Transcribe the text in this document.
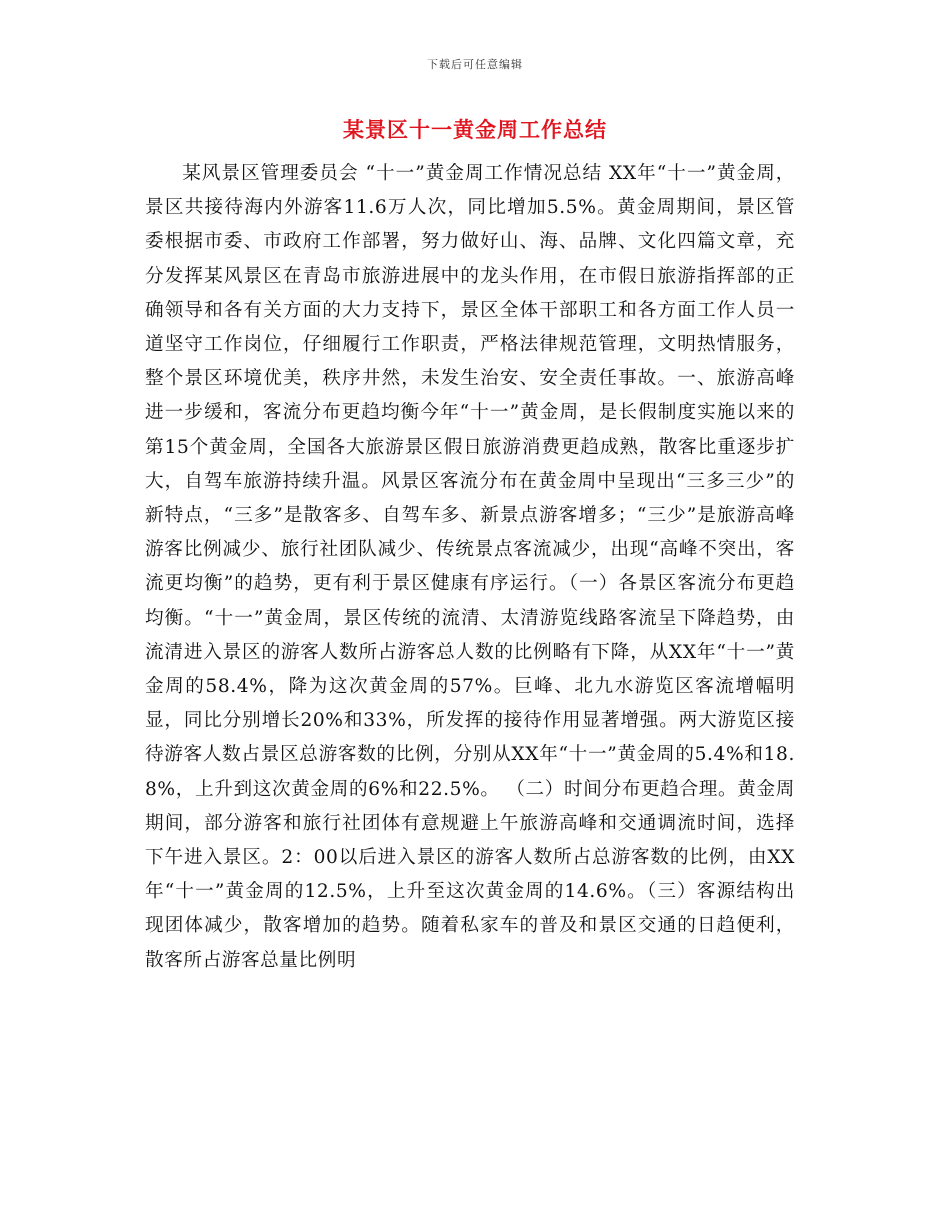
下载后可任意编辑
某景区十一黄金周工作总结

某风景区管理委员会 “十一”黄金周工作情况总结 XX年“十一”黄金周，景区共接待海内外游客11.6万人次，同比增加5.5%。黄金周期间，景区管委根据市委、市政府工作部署，努力做好山、海、品牌、文化四篇文章，充分发挥某风景区在青岛市旅游进展中的龙头作用，在市假日旅游指挥部的正确领导和各有关方面的大力支持下，景区全体干部职工和各方面工作人员一道坚守工作岗位，仔细履行工作职责，严格法律规范管理，文明热情服务，整个景区环境优美，秩序井然，未发生治安、安全责任事故。一、旅游高峰进一步缓和，客流分布更趋均衡今年“十一”黄金周，是长假制度实施以来的第15个黄金周，全国各大旅游景区假日旅游消费更趋成熟，散客比重逐步扩大，自驾车旅游持续升温。风景区客流分布在黄金周中呈现出“三多三少”的新特点，“三多”是散客多、自驾车多、新景点游客增多；“三少”是旅游高峰游客比例减少、旅行社团队减少、传统景点客流减少，出现“高峰不突出，客流更均衡”的趋势，更有利于景区健康有序运行。（一）各景区客流分布更趋均衡。“十一”黄金周，景区传统的流清、太清游览线路客流呈下降趋势，由流清进入景区的游客人数所占游客总人数的比例略有下降，从XX年“十一”黄金周的58.4%，降为这次黄金周的57%。巨峰、北九水游览区客流增幅明显，同比分别增长20%和33%，所发挥的接待作用显著增强。两大游览区接待游客人数占景区总游客数的比例，分别从XX年“十一”黄金周的5.4%和18.8%，上升到这次黄金周的6%和22.5%。 （二）时间分布更趋合理。黄金周期间，部分游客和旅行社团体有意规避上午旅游高峰和交通调流时间，选择下午进入景区。2：00以后进入景区的游客人数所占总游客数的比例，由XX年“十一”黄金周的12.5%，上升至这次黄金周的14.6%。（三）客源结构出现团体减少，散客增加的趋势。随着私家车的普及和景区交通的日趋便利，散客所占游客总量比例明
